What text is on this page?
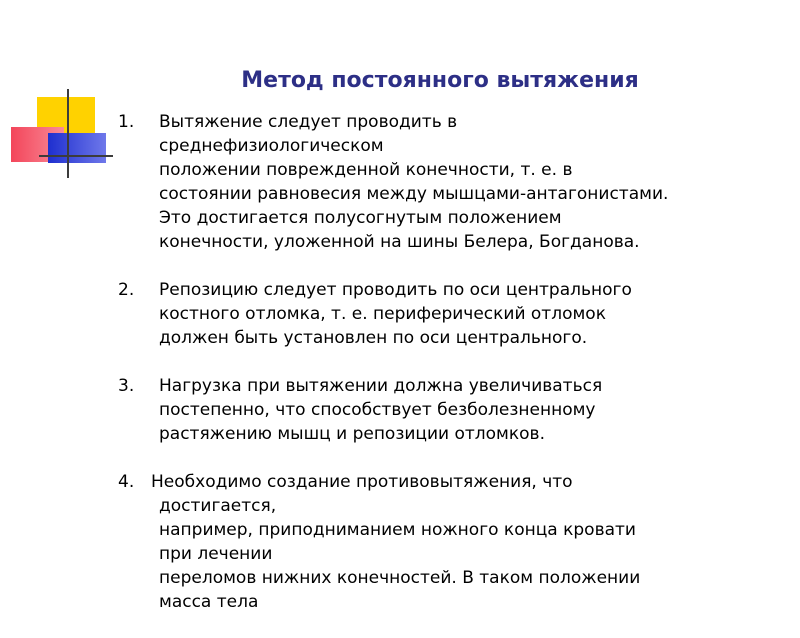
Метод постоянного вытяжения
1. Вытяжение следует проводить в
среднефизиологическом
положении поврежденной конечности, т. е. в
состоянии равновесия между мышцами-антагонистами.
Это достигается полусогнутым положением
конечности, уложенной на шины Белера, Богданова.
2. Репозицию следует проводить по оси центрального
костного отломка, т. е. периферический отломок
должен быть установлен по оси центрального.
3. Нагрузка при вытяжении должна увеличиваться
постепенно, что способствует безболезненному
растяжению мышц и репозиции отломков.
4. Необходимо создание противовытяжения, что
достигается,
например, приподниманием ножного конца кровати
при лечении
переломов нижних конечностей. В таком положении
масса тела
